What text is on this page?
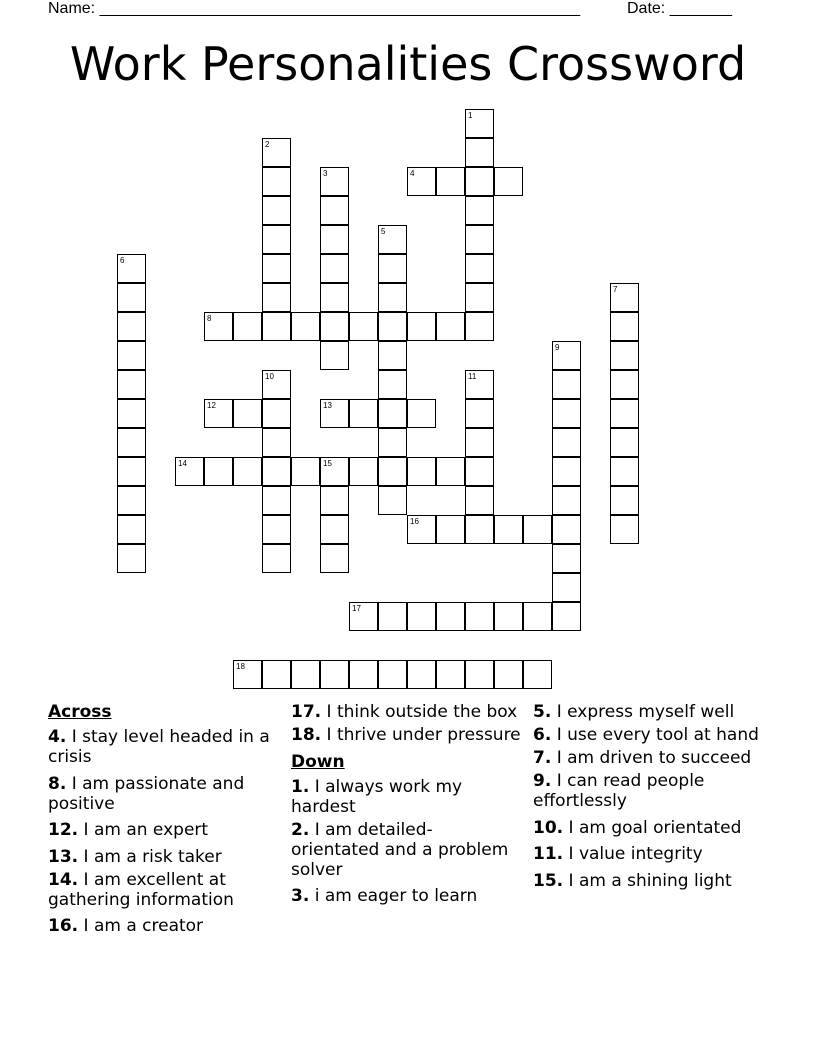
Name: ______________________________________________________	Date: _______
Work Personalities Crossword
1
2
3	4
5
6
7
8
9
10	11
12	13
14	15
16
17
18
Across

4. I stay level headed in a crisis

8. I am passionate and positive

12. I am an expert

13. I am a risk taker

14. I am excellent at gathering information

16. I am a creator

17. I think outside the box

18. I thrive under pressure

Down

1. I always work my hardest

2. I am detailed-orientated and a problem solver

3. i am eager to learn

5. I express myself well

6. I use every tool at hand

7. I am driven to succeed

9. I can read people effortlessly

10. I am goal orientated

11. I value integrity

15. I am a shining light
